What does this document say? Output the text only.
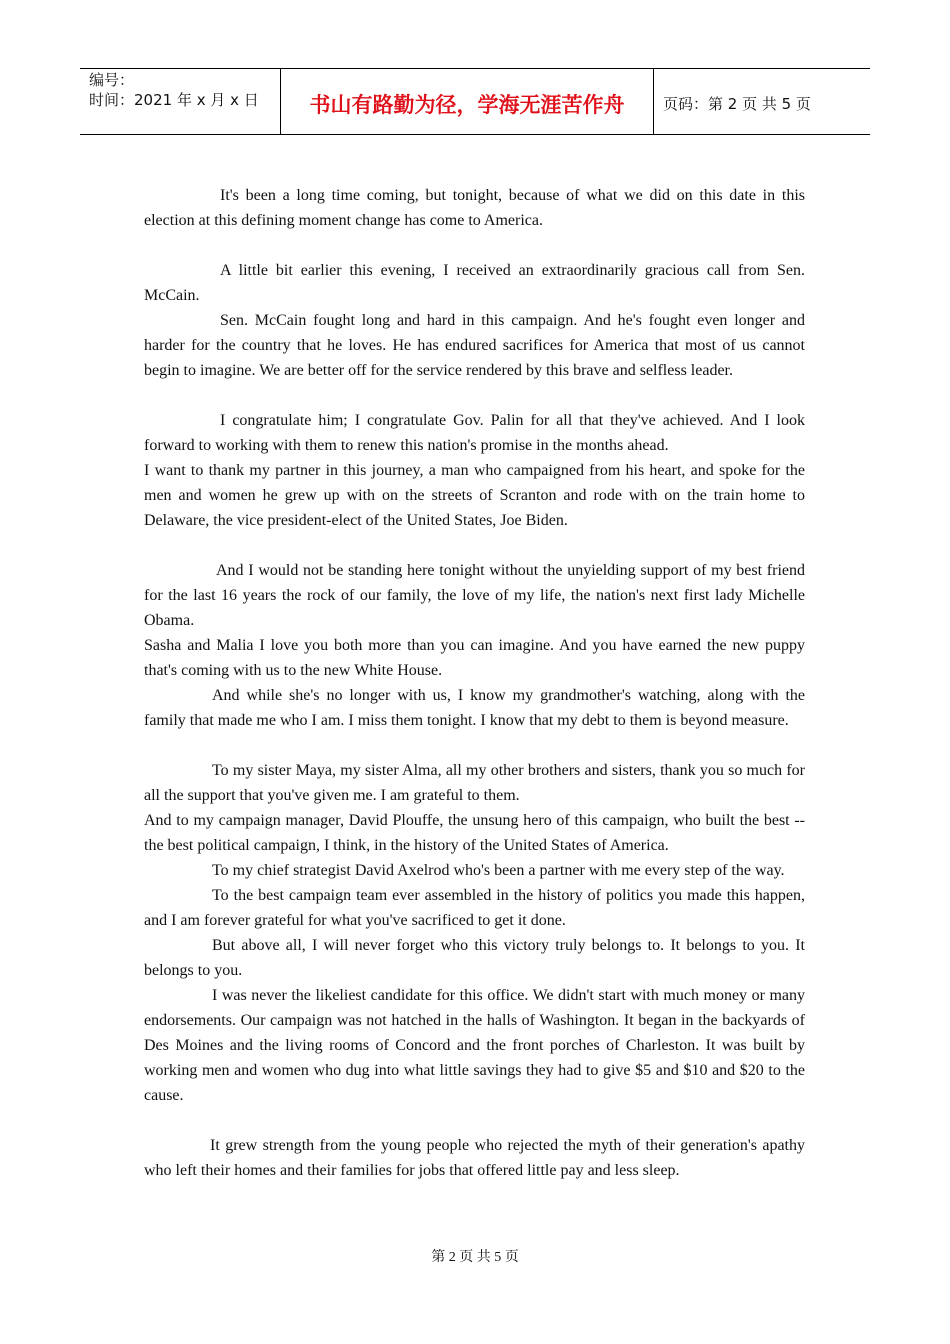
编号：
时间：2021 年 x 月 x 日	书山有路勤为径，学海无涯苦作舟	页码：第 2 页 共 5 页

It's been a long time coming, but tonight, because of what we did on this date in this election at this defining moment change has come to America.

A little bit earlier this evening, I received an extraordinarily gracious call from Sen. McCain.

Sen. McCain fought long and hard in this campaign. And he's fought even longer and harder for the country that he loves. He has endured sacrifices for America that most of us cannot begin to imagine. We are better off for the service rendered by this brave and selfless leader.

I congratulate him; I congratulate Gov. Palin for all that they've achieved. And I look forward to working with them to renew this nation's promise in the months ahead.

I want to thank my partner in this journey, a man who campaigned from his heart, and spoke for the men and women he grew up with on the streets of Scranton and rode with on the train home to Delaware, the vice president-elect of the United States, Joe Biden.

And I would not be standing here tonight without the unyielding support of my best friend for the last 16 years the rock of our family, the love of my life, the nation's next first lady Michelle Obama.

Sasha and Malia I love you both more than you can imagine. And you have earned the new puppy that's coming with us to the new White House.

And while she's no longer with us, I know my grandmother's watching, along with the family that made me who I am. I miss them tonight. I know that my debt to them is beyond measure.

To my sister Maya, my sister Alma, all my other brothers and sisters, thank you so much for all the support that you've given me. I am grateful to them.

And to my campaign manager, David Plouffe, the unsung hero of this campaign, who built the best -- the best political campaign, I think, in the history of the United States of America.

To my chief strategist David Axelrod who's been a partner with me every step of the way.

To the best campaign team ever assembled in the history of politics you made this happen, and I am forever grateful for what you've sacrificed to get it done.

But above all, I will never forget who this victory truly belongs to. It belongs to you. It belongs to you.

I was never the likeliest candidate for this office. We didn't start with much money or many endorsements. Our campaign was not hatched in the halls of Washington. It began in the backyards of Des Moines and the living rooms of Concord and the front porches of Charleston. It was built by working men and women who dug into what little savings they had to give $5 and $10 and $20 to the cause.

It grew strength from the young people who rejected the myth of their generation's apathy who left their homes and their families for jobs that offered little pay and less sleep.

第 2 页 共 5 页
